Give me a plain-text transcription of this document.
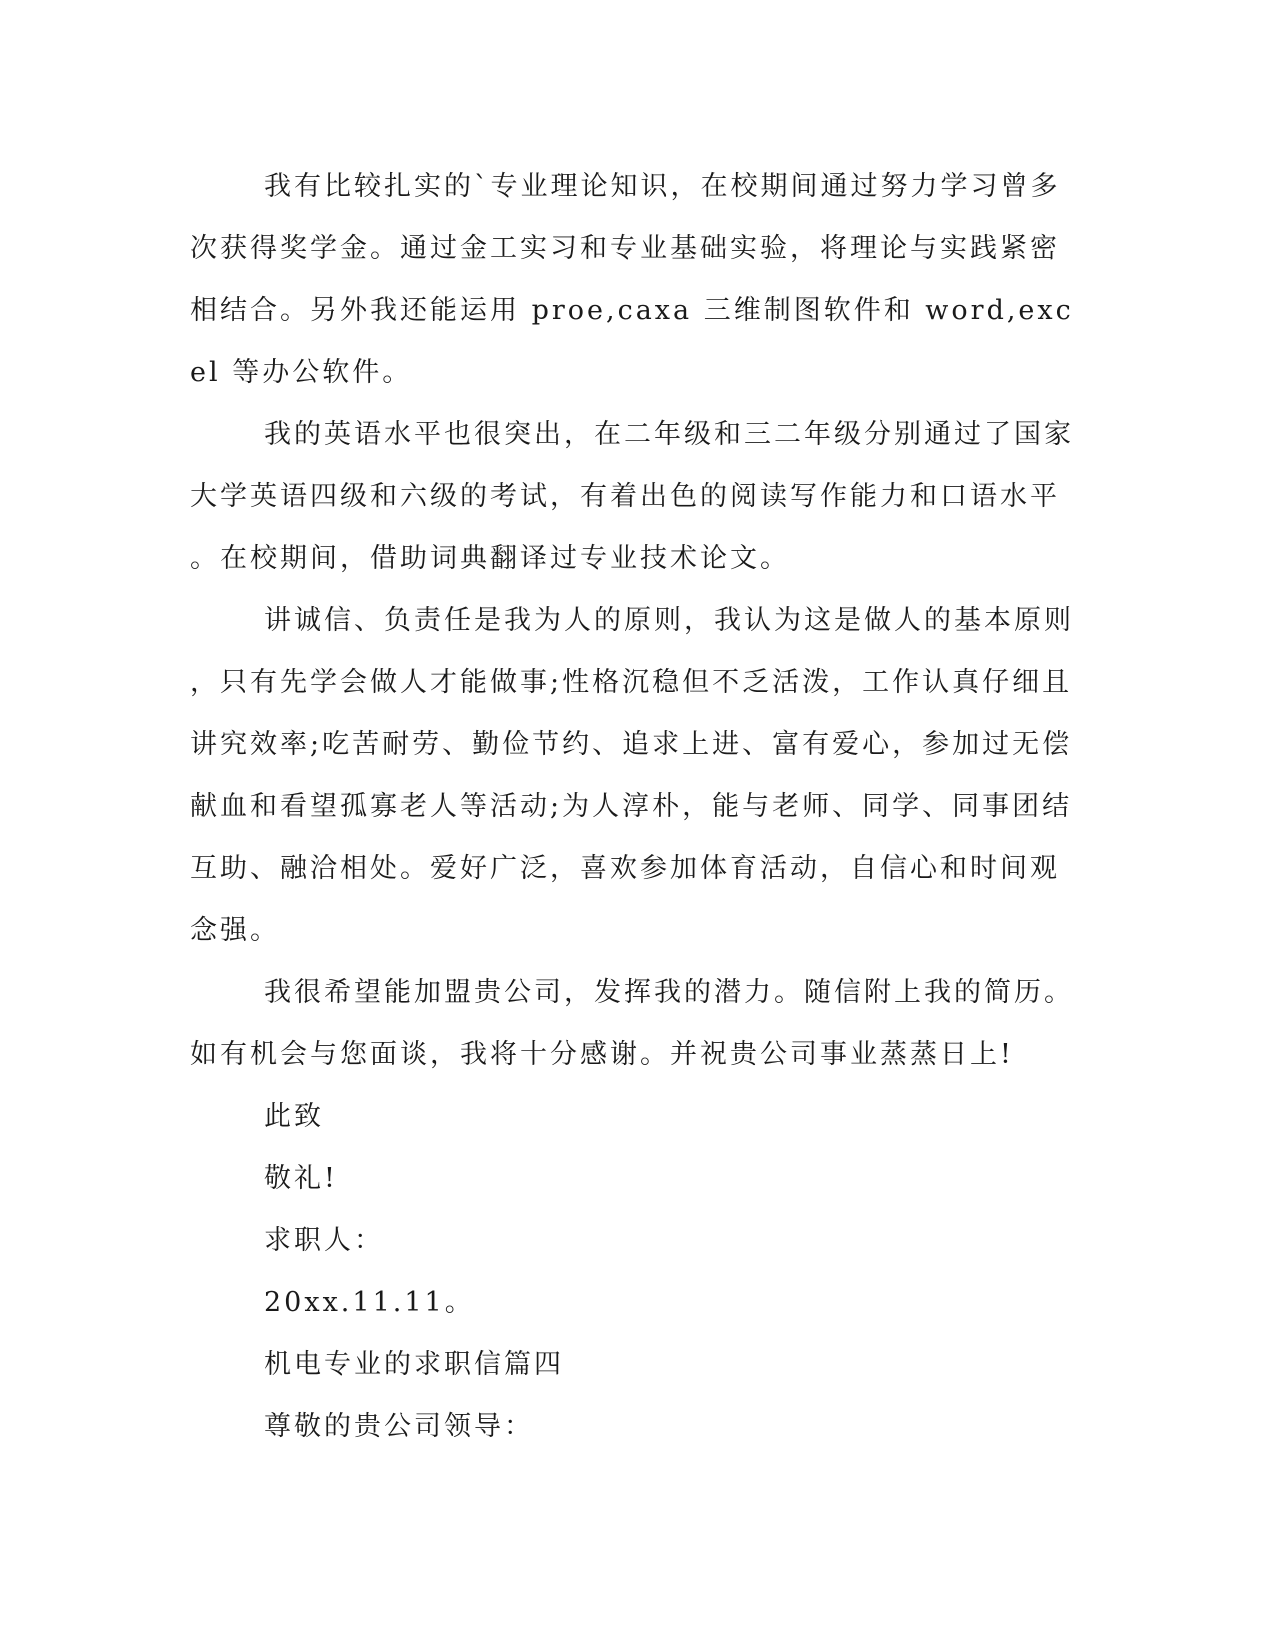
我有比较扎实的`专业理论知识，在校期间通过努力学习曾多次获得奖学金。通过金工实习和专业基础实验，将理论与实践紧密相结合。另外我还能运用 proe,caxa 三维制图软件和 word,excel 等办公软件。

我的英语水平也很突出，在二年级和三二年级分别通过了国家大学英语四级和六级的考试，有着出色的阅读写作能力和口语水平。在校期间，借助词典翻译过专业技术论文。

讲诚信、负责任是我为人的原则，我认为这是做人的基本原则，只有先学会做人才能做事;性格沉稳但不乏活泼，工作认真仔细且讲究效率;吃苦耐劳、勤俭节约、追求上进、富有爱心，参加过无偿献血和看望孤寡老人等活动;为人淳朴，能与老师、同学、同事团结互助、融洽相处。爱好广泛，喜欢参加体育活动，自信心和时间观念强。

我很希望能加盟贵公司，发挥我的潜力。随信附上我的简历。如有机会与您面谈，我将十分感谢。并祝贵公司事业蒸蒸日上!

此致

敬礼!

求职人：

20xx.11.11。

机电专业的求职信篇四

尊敬的贵公司领导：
